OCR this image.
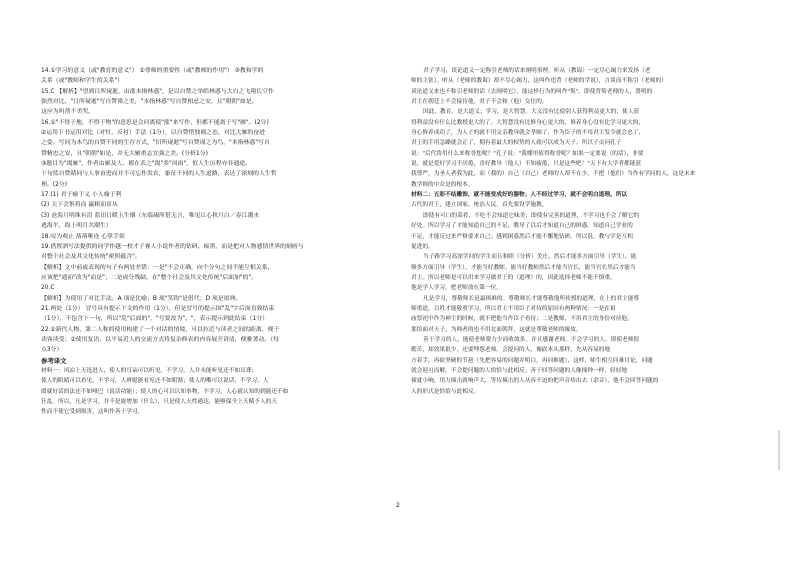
14.①学习的意义（或"教育的意义"） ②尊师的重要性（或"教师的作用"） ③教和学的

关系（或"教师和学生的关系"）

15.C 【解析】"望到目所窥逝，由涨本指林惑"，是以自赞之举皓林惑与大自之飞翔长空作

强烈对比，"月所窥逝"写自赞谨之美，"本指林惑"写自赞相忌之安，且"朝朝"如是。

这应为吗帮不美哭。

16.①"不得于地，不得于物"的意思是会问离使"涨"来写作，但都不能离于写"雁"。(2分)

②运用下书运用对比（对忖、反衬）手法（1分），以自赞惜独调之态，对比大雁的奋进

之姿。写同为木鸟的自赞不同的生存方式，"旧所窥逝"写自赞谨之为鸟，"本指林惑"写自

赞精忠之安，且"朝朝"如是，并无大雁重志宜强之美。(分析1分)

③题目为"渴雁"，作者由雁及人，都在表之"渴"多"风雨"，似人生历程亦非通途。

下句蓝自赞睛同与人事奋进而并不可忘作发农，象征不同的人生道路，表达了深刻的人生哲

理。(2分)

17.(1) 君子喻于义 小人喻于利

(2) 天下会集将而 赢粮而景从

(3) 沧海月明珠有泪 蓝田日暖玉生烟（东临碣所借无言，唯见江心秋月白／春江潮水

逃海平，海上明月共潮生）

18.叹为观止 落落哑连 心掌手领

19.借置酒写法提供的同学作越一校才子睿人小说作者的钻研、痴黑，而是把对人物感情世界的刻画与

对整个社会及其文化传统"密照蕴含"。

【解析】文中前或表现的句子有两处差错：一是"不会正确，向个分句之间不能互相关系，

应该把"通而"改为"而是"；二是成分残缺，在"整个社会及其文化传统"后面加"的"。

20.C

【解析】为使用了对比手法。A 项是比喻；B 项"笑钩"是借代；D 项是拟典。

21.两处（1分） 冒号具有提示下文的作用（1分），但是冒号的提示围"乱"字后面直致结束

（1分），不包含下一句，所以"乱"后面的"，"号要改为"。"，表示提示到此结束（1分）

22.①新代人物，第二人称的使用构建了一个对话的情境，可以拉近与读者之间的距离，便于

读客读受；②使用复语，以平易近人的交流方式将复杂修表的内容展开讲清，便雅著动。（每

点3分）

参考译文

材料一：风凉上天选进人，使人的耳朵可以听见，不学习，人并未能听见还不如耳聋；

使人的眼睛可以看见，不学习，人辨聪能看见还不如眼瞎；使人的嘴可以说话，不学习，人

缓就好话的法还不如哑巴（说话功能）；使人的心可以认知事物，不学习，人心就认知的到能还不如

狂乱。所以，凡是学习，并不是能增加（什么），只是使人天性通达。能够保全上天赋予人的天

性而不使它受到损害，这叫作善于学习。

君子学习，谈论道义一定称引老师的话来阐明事理，听从（教诲）一定尽心竭力来发扬（老

师的主张）。听从（老师的教诲）却不尽心竭力，这叫作违背（老师的学说），言谈而不称引（老师的）

谈论道义来也不称引老师的话（去阐明它），能这样行为的叫作"叛"。即使背叛老师的人，贤明的

君主在朝廷上不会接待他，君子不会和（他）交往的。

因此，教育，是大道义；学习，是大智慧。大义没有比使别人获得利益更大的；使人获

得利益没有什么比教授更大的了。大智慧没有比修身心更大的，修养身心没有比学习更大的，

身心修养成功了，为人子的就不用父亲教导就会孝顺了，作为臣子的不用君主发令就会忠了，

君王的手用急躁就会正了，拥有着最大的权势的人就可以成为天子。所以子贡问孔子

说："后代将用什么来称誉您呢？"孔子说："我哪里值得称誉呢？如果一定要说（的话），非要

说，就是爱好学习不厌倦，喜好教导（他人）不知疲倦，只是这些吧！"天下有大学者都能获

我尊严，为圣人者我为此，而（我的）自己（自己）老师的人却不在少，不把（他们）当作有学问的人，这是未来

教学师的中众是的根本。

材料二：五彩不结雕饰，就不能变成好的器物；人不经过学习，就不会明白道理。所以

古代的君王，建立国家，统治人民，首先要设学施教。

即使有可口的菜肴，不吃不会知道它味美；即使有完善的道理，不学习也不会了解它的

好处。所以学习了才能知道自己的不足，教导了以后才知道自己的困惑。知道自己学业的

不足，才能反过来严格要求自己；感到困惑然后才能不懈地钻研。所以说，教与学是互相

促进的。

当子路学习高深学问的学生而且和睦（分析）美庄，然后才能多方面引导（学生）。能

够多方面引导（学生），才能当好教师。能当好教师然后才能当官长，能当官长然后才能当

君主。所以老师是可以用来学习做君王的（道理）的，因此选择老师不能不慎重。

他是学人学习，把老师放在第一位。

凡是学习，尊敬师长是最困难的。尊敬师长才能尊敬他所传授的道理，在上的君主能尊

师重道，百姓才能敬重学习，所以君主不用臣子对待的原因有两种情况：一是在祖

庙祭祀中作为神主的时候，就不把他当作臣子看待；二是教师，不用君主的身份对待他。

那怕面对天子，为师者的也不用北面朝拜，这就是尊敬老师的缘故。

善于学习的人，能使老师费力少而收效多，并且感谢老师，不会学习的人，即使老师很

勤苦，却效果很少，还要埋怨老师。会提问的人，像砍木头那样，先从容易的地

方着手，再砍坚硬的节疤（先把容易的问题弄明白，再问难题），这样，师生相互问难讨论，问题

就会迎刃而解。不会提问题的人恰恰与此相反。善于回答问题的人像撞钟一样，轻轻地

撞就小响，用力撞击就响声大，等待撞击的人从容不迫的把声音传出去（余音），他不会回答问题的

人的形式是恰恰与此相反。

2
